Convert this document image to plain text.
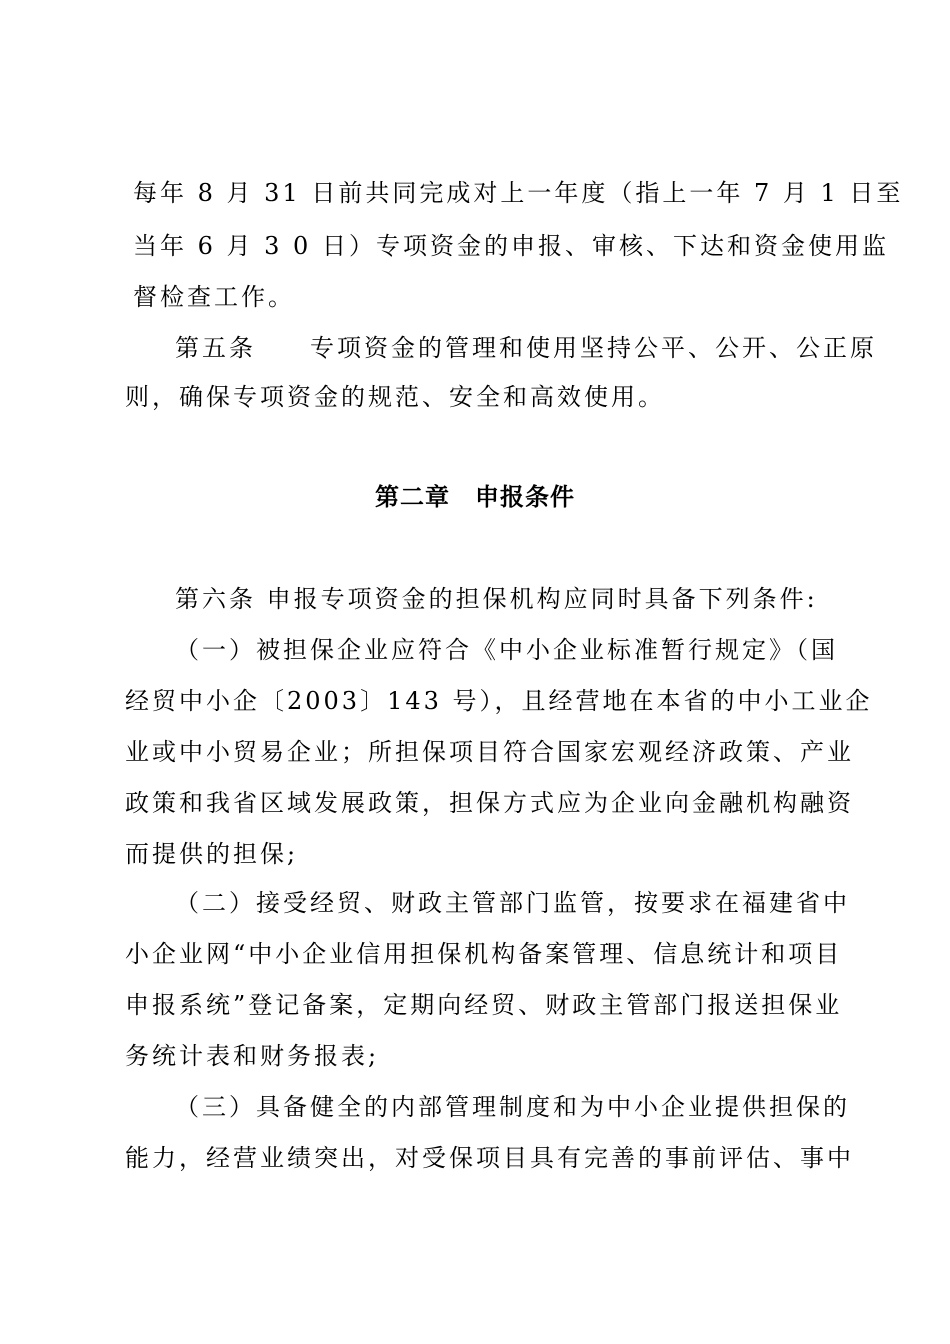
每年 8 月 31 日前共同完成对上一年度（指上一年 7 月 1 日至
当年 6 月 3 0 日）专项资金的申报、审核、下达和资金使用监
督检查工作。
第五条　　专项资金的管理和使用坚持公平、公开、公正原
则，确保专项资金的规范、安全和高效使用。
第二章　申报条件
第六条 申报专项资金的担保机构应同时具备下列条件:
（一）被担保企业应符合《中小企业标准暂行规定》（国
经贸中小企〔2003〕143 号），且经营地在本省的中小工业企
业或中小贸易企业；所担保项目符合国家宏观经济政策、产业
政策和我省区域发展政策，担保方式应为企业向金融机构融资
而提供的担保;
（二）接受经贸、财政主管部门监管，按要求在福建省中
小企业网“中小企业信用担保机构备案管理、信息统计和项目
申报系统”登记备案，定期向经贸、财政主管部门报送担保业
务统计表和财务报表;
（三）具备健全的内部管理制度和为中小企业提供担保的
能力，经营业绩突出，对受保项目具有完善的事前评估、事中
